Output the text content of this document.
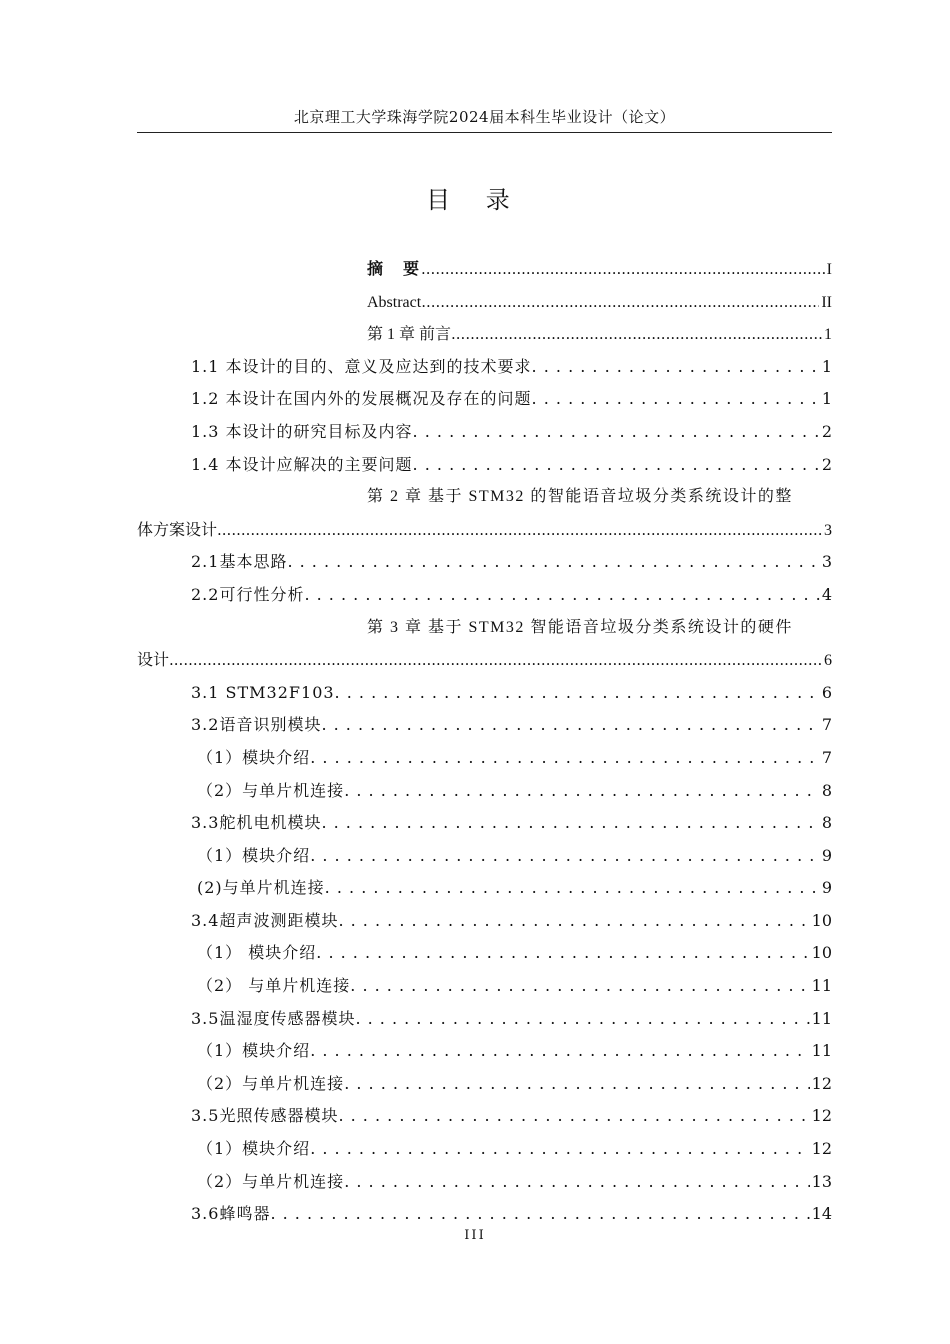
北京理工大学珠海学院2024届本科生毕业设计（论文）
目 录
摘　要 .....	I
Abstract .....	II
第 1 章 前言 .....	1
1.1 本设计的目的、意义及应达到的技术要求 . . .	1
1.2 本设计在国内外的发展概况及存在的问题 . . .	1
1.3 本设计的研究目标及内容 . . .	2
1.4 本设计应解决的主要问题 . . .	2
第 2 章 基于 STM32 的智能语音垃圾分类系统设计的整
体方案设计 .....	3
2.1基本思路 . . .	3
2.2可行性分析 . . .	4
第 3 章 基于 STM32 智能语音垃圾分类系统设计的硬件
设计 .....	6
3.1 STM32F103 . . .	6
3.2语音识别模块 . . .	7
（1）模块介绍 . . .	7
（2）与单片机连接 . . .	8
3.3舵机电机模块 . . .	8
（1）模块介绍 . . .	9
(2)与单片机连接 . . .	9
3.4超声波测距模块 . . .	10
（1） 模块介绍 . . .	10
（2） 与单片机连接 . . .	11
3.5温湿度传感器模块 . . .	11
（1）模块介绍 . . .	11
（2）与单片机连接 . . .	12
3.5光照传感器模块 . . .	12
（1）模块介绍 . . .	12
（2）与单片机连接 . . .	13
3.6蜂鸣器 . . .	14
III
